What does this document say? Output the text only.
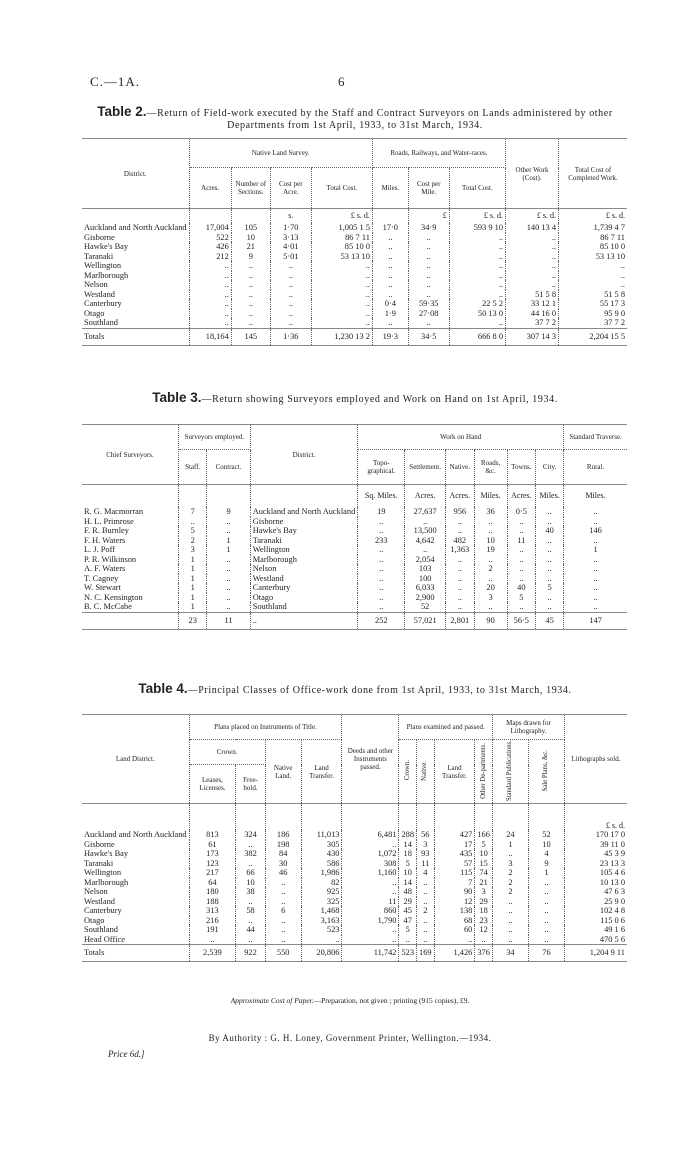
C.—1A.	6
Table 2.—Return of Field-work executed by the Staff and Contract Surveyors on Lands administered by other Departments from 1st April, 1933, to 31st March, 1934.
District.	Native Land Survey.				Roads, Railways, and Water-races.			Other Work (Cost).	Total Cost of Completed Work.
	Acres.	Number of Sections.	Cost per Acre.	Total Cost.	Miles.	Cost per Mile.	Total Cost.		
			s.	£ s. d.		£	£ s. d.	£ s. d.	£ s. d.
Auckland and North Auckland	17,004	105	1·70	1,005 1 5	17·0	34·9	593 9 10	140 13 4	1,739 4 7
Gisborne	522	10	3·13	86 7 11	..	..	..	..	86 7 11
Hawke's Bay	426	21	4·01	85 10 0	..	..	..	..	85 10 0
Taranaki	212	9	5·01	53 13 10	..	..	..	..	53 13 10
Wellington	..	..	..	..	..	..	..	..	..
Marlborough	..	..	..	..	..	..	..	..	..
Nelson	..	..	..	..	..	..	..	..	..
Westland	..	..	..	..	..	..	..	51 5 8	51 5 8
Canterbury	..	..	..	..	0·4	59·35	22 5 2	33 12 1	55 17 3
Otago	..	..	..	..	1·9	27·08	50 13 0	44 16 0	95 9 0
Southland	..	..	..	..	..	..	..	37 7 2	37 7 2
Totals	18,164	145	1·36	1,230 13 2	19·3	34·5	666 8 0	307 14 3	2,204 15 5
Table 3.—Return showing Surveyors employed and Work on Hand on 1st April, 1934.
Chief Surveyors.	Surveyors employed.		District.	Work on Hand						Standard Traverse.
	Staff.	Contract.		Topo-graphical.	Settlement.	Native.	Roads, &c.	Towns.	City.	Rural.
				Sq. Miles.	Acres.	Acres.	Miles.	Acres.	Miles.	Miles.
R. G. Macmorran	7	9	Auckland and North Auckland	19	27,637	956	36	0·5	..	..
H. L. Primrose	..	..	Gisborne	..	..	..	..	..	..	..
F. R. Burnley	5	..	Hawke's Bay	..	13,500	..	..	..	40	146
F. H. Waters	2	1	Taranaki	233	4,642	482	10	11	..	..
L. J. Poff	3	1	Wellington	..	..	1,363	19	..	..	1
P. R. Wilkinson	1	..	Marlborough	..	2,054	..	..	..	..	..
A. F. Waters	1	..	Nelson	..	103	..	2	..	..	..
T. Cagney	1	..	Westland	..	100	..	..	..	..	..
W. Stewart	1	..	Canterbury	..	6,033	..	20	40	5	..
N. C. Kensington	1	..	Otago	..	2,900	..	3	5	..	..
B. C. McCabe	1	..	Southland	..	52	..	..	..	..	..
	23	11	..	252	57,021	2,801	90	56·5	45	147
Table 4.—Principal Classes of Office-work done from 1st April, 1933, to 31st March, 1934.
Land District.	Plans placed on Instruments of Title.				Deeds and other Instruments passed.	Plans examined and passed.				Maps drawn for Lithography.		Lithographs sold.
	Crown.		Native Land.	Land Transfer.		Crown.	Native.	Land Transfer.	Other De-partments.	Standard Publications.	Sale Plans, &c.	
	Leases, Licenses.	Free-hold.										
												£ s. d.
Auckland and North Auckland	813	324	186	11,013	6,481	288	56	427	166	24	52	170 17 0
Gisborne	61	..	198	305	..	14	3	17	5	1	10	39 11 0
Hawke's Bay	173	382	84	430	1,072	18	93	435	10	..	4	45 3 9
Taranaki	123	..	30	586	308	5	11	57	15	3	9	23 13 3
Wellington	217	66	46	1,986	1,160	10	4	115	74	2	1	105 4 6
Marlborough	64	10	..	82	..	14	..	7	21	2	..	10 13 0
Nelson	180	38	..	925	..	48	..	90	3	2	..	47 6 3
Westland	188	..	..	325	11	29	..	12	29	..	..	25 9 0
Canterbury	313	58	6	1,468	860	45	2	138	18	..	..	102 4 8
Otago	216	..	..	3,163	1,790	47	..	68	23	..	..	115 0 6
Southland	191	44	..	523	..	5	..	60	12	..	..	49 1 6
Head Office	..	..	..	..	..	..	..	..	..	..	..	470 5 6
Totals	2,539	922	550	20,806	11,742	523	169	1,426	376	34	76	1,204 9 11
Approximate Cost of Paper.—Preparation, not given ; printing (915 copies), £9.
By Authority : G. H. Loney, Government Printer, Wellington.—1934.
Price 6d.]
